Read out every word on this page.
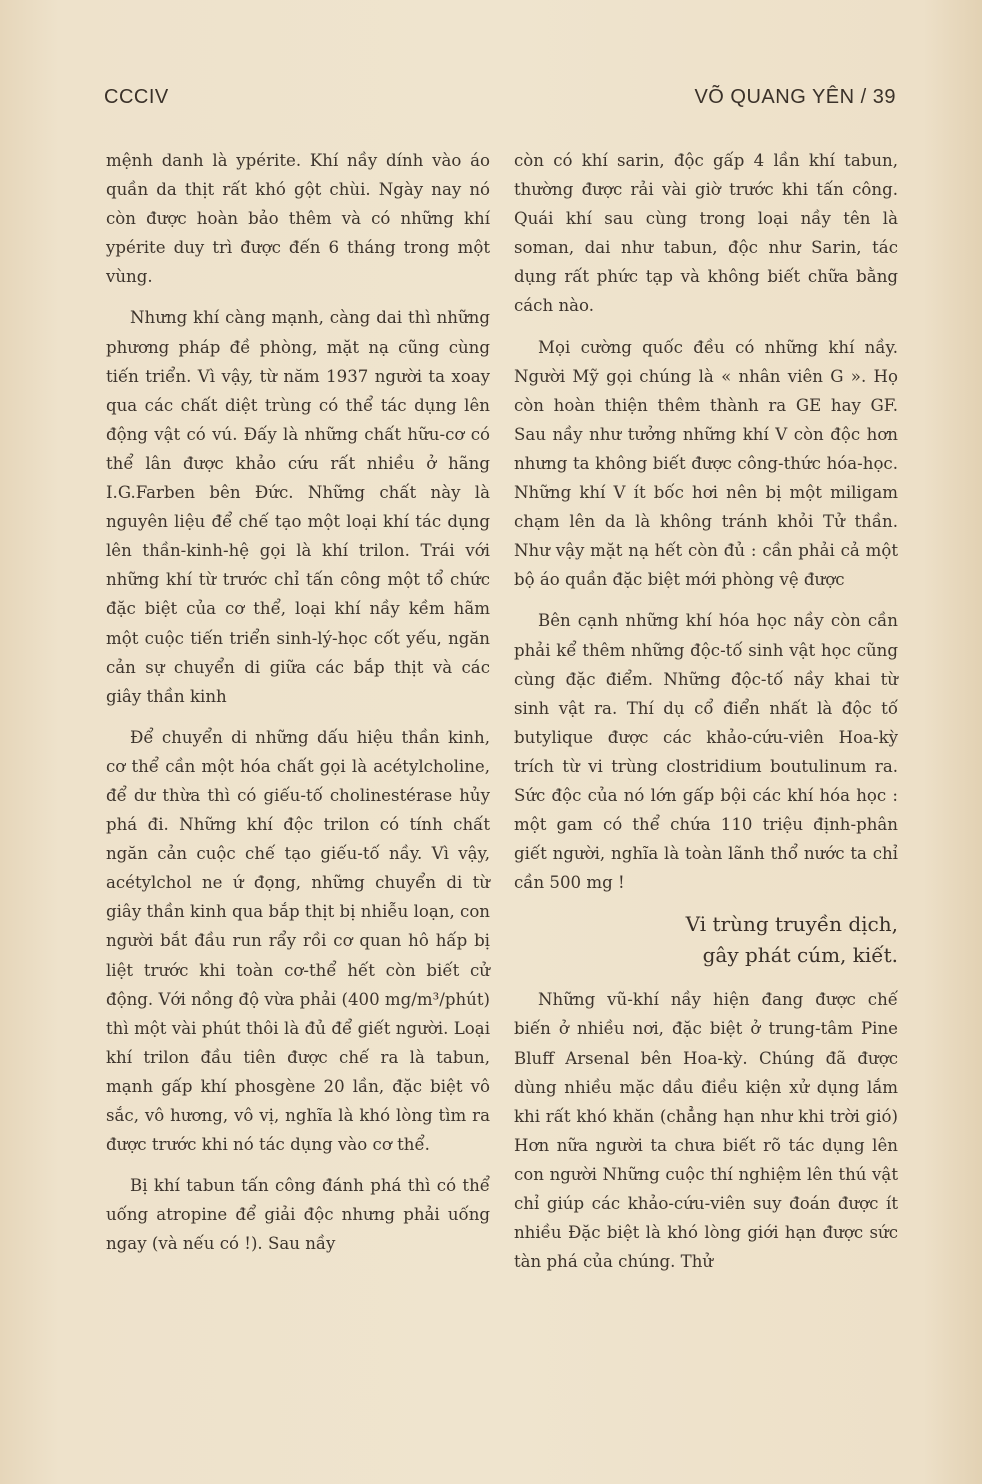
CCCIV	VÕ QUANG YÊN / 39

mệnh danh là ypérite. Khí nầy dính vào áo quần da thịt rất khó gột chùi. Ngày nay nó còn được hoàn bảo thêm và có những khí ypérite duy trì được đến 6 tháng trong một vùng.

Nhưng khí càng mạnh, càng dai thì những phương pháp đề phòng, mặt nạ cũng cùng tiến triển. Vì vậy, từ năm 1937 người ta xoay qua các chất diệt trùng có thể tác dụng lên động vật có vú. Đấy là những chất hữu-cơ có thể lân được khảo cứu rất nhiều ở hãng I.G.Farben bên Đức. Những chất này là nguyên liệu để chế tạo một loại khí tác dụng lên thần-kinh-hệ gọi là khí trilon. Trái với những khí từ trước chỉ tấn công một tổ chức đặc biệt của cơ thể, loại khí nầy kềm hãm một cuộc tiến triển sinh-lý-học cốt yếu, ngăn cản sự chuyển di giữa các bắp thịt và các giây thần kinh

Để chuyển di những dấu hiệu thần kinh, cơ thể cần một hóa chất gọi là acétylcholine, để dư thừa thì có giếu-tố cholinestérase hủy phá đi. Những khí độc trilon có tính chất ngăn cản cuộc chế tạo giếu-tố nầy. Vì vậy, acétylchol ne ứ đọng, những chuyển di từ giây thần kinh qua bắp thịt bị nhiễu loạn, con người bắt đầu run rẩy rồi cơ quan hô hấp bị liệt trước khi toàn cơ-thể hết còn biết cử động. Với nồng độ vừa phải (400 mg/m³/phút) thì một vài phút thôi là đủ để giết người. Loại khí trilon đầu tiên được chế ra là tabun, mạnh gấp khí phosgène 20 lần, đặc biệt vô sắc, vô hương, vô vị, nghĩa là khó lòng tìm ra được trước khi nó tác dụng vào cơ thể.

Bị khí tabun tấn công đánh phá thì có thể uống atropine để giải độc nhưng phải uống ngay (và nếu có !). Sau nầy

còn có khí sarin, độc gấp 4 lần khí tabun, thường được rải vài giờ trước khi tấn công. Quái khí sau cùng trong loại nầy tên là soman, dai như tabun, độc như Sarin, tác dụng rất phức tạp và không biết chữa bằng cách nào.

Mọi cường quốc đều có những khí nầy. Người Mỹ gọi chúng là « nhân viên G ». Họ còn hoàn thiện thêm thành ra GE hay GF. Sau nầy như tưởng những khí V còn độc hơn nhưng ta không biết được công-thức hóa-học. Những khí V ít bốc hơi nên bị một miligam chạm lên da là không tránh khỏi Tử thần. Như vậy mặt nạ hết còn đủ : cần phải cả một bộ áo quần đặc biệt mới phòng vệ được

Bên cạnh những khí hóa học nầy còn cần phải kể thêm những độc-tố sinh vật học cũng cùng đặc điểm. Những độc-tố nầy khai từ sinh vật ra. Thí dụ cổ điển nhất là độc tố butylique được các khảo-cứu-viên Hoa-kỳ trích từ vi trùng clostridium boutulinum ra. Sức độc của nó lớn gấp bội các khí hóa học : một gam có thể chứa 110 triệu định-phân giết người, nghĩa là toàn lãnh thổ nước ta chỉ cần 500 mg !

Vi trùng truyền dịch,
gây phát cúm, kiết.

Những vũ-khí nầy hiện đang được chế biến ở nhiều nơi, đặc biệt ở trung-tâm Pine Bluff Arsenal bên Hoa-kỳ. Chúng đã được dùng nhiều mặc dầu điều kiện xử dụng lắm khi rất khó khăn (chẳng hạn như khi trời gió) Hơn nữa người ta chưa biết rõ tác dụng lên con người Những cuộc thí nghiệm lên thú vật chỉ giúp các khảo-cứu-viên suy đoán được ít nhiều Đặc biệt là khó lòng giới hạn được sức tàn phá của chúng. Thử
